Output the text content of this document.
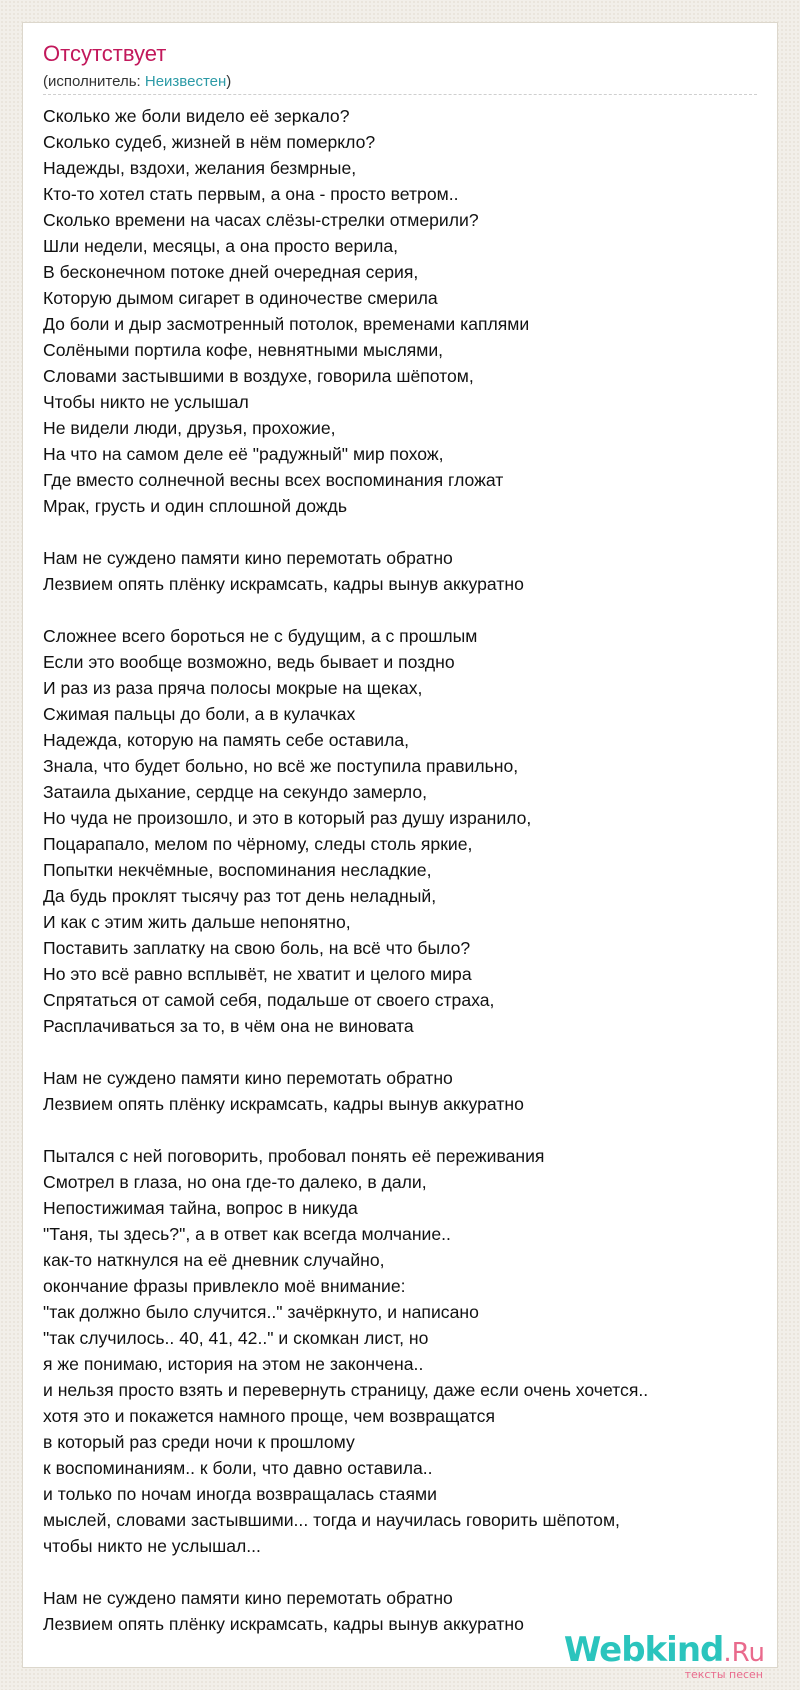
Отсутствует
(исполнитель: Неизвестен)
Сколько же боли видело её зеркало?
Сколько судеб, жизней в нём померкло?
Надежды, вздохи, желания безмрные,
Кто-то хотел стать первым, а она - просто ветром..
Сколько времени на часах слёзы-стрелки отмерили?
Шли недели, месяцы, а она просто верила,
В бесконечном потоке дней очередная серия,
Которую дымом сигарет в одиночестве смерила
До боли и дыр засмотренный потолок, временами каплями
Солёными портила кофе, невнятными мыслями,
Словами застывшими в воздухе, говорила шёпотом,
Чтобы никто не услышал
Не видели люди, друзья, прохожие,
На что на самом деле её "радужный" мир похож,
Где вместо солнечной весны всех воспоминания гложат
Мрак, грусть и один сплошной дождь
Нам не суждено памяти кино перемотать обратно
Лезвием опять плёнку искрамсать, кадры вынув аккуратно
Сложнее всего бороться не с будущим, а с прошлым
Если это вообще возможно, ведь бывает и поздно
И раз из раза пряча полосы мокрые на щеках,
Сжимая пальцы до боли, а в кулачках
Надежда, которую на память себе оставила,
Знала, что будет больно, но всё же поступила правильно,
Затаила дыхание, сердце на секундо замерло,
Но чуда не произошло, и это в который раз душу изранило,
Поцарапало, мелом по чёрному, следы столь яркие,
Попытки некчёмные, воспоминания несладкие,
Да будь проклят тысячу раз тот день неладный,
И как с этим жить дальше непонятно,
Поставить заплатку на свою боль, на всё что было?
Но это всё равно всплывёт, не хватит и целого мира
Спрятаться от самой себя, подальше от своего страха,
Расплачиваться за то, в чём она не виновата
Нам не суждено памяти кино перемотать обратно
Лезвием опять плёнку искрамсать, кадры вынув аккуратно
Пытался с ней поговорить, пробовал понять её переживания
Смотрел в глаза, но она где-то далеко, в дали,
Непостижимая тайна, вопрос в никуда
"Таня, ты здесь?", а в ответ как всегда молчание..
как-то наткнулся на её дневник случайно,
окончание фразы привлекло моё внимание:
"так должно было случится.." зачёркнуто, и написано
"так случилось.. 40, 41, 42.." и скомкан лист, но
я же понимаю, история на этом не закончена..
и нельзя просто взять и перевернуть страницу, даже если очень хочется..
хотя это и покажется намного проще, чем возвращатся
в который раз среди ночи к прошлому
к воспоминаниям.. к боли, что давно оставила..
и только по ночам иногда возвращалась стаями
мыслей, словами застывшими... тогда и научилась говорить шёпотом,
чтобы никто не услышал...
Нам не суждено памяти кино перемотать обратно
Лезвием опять плёнку искрамсать, кадры вынув аккуратно
Webkind.Ru
тексты песен
